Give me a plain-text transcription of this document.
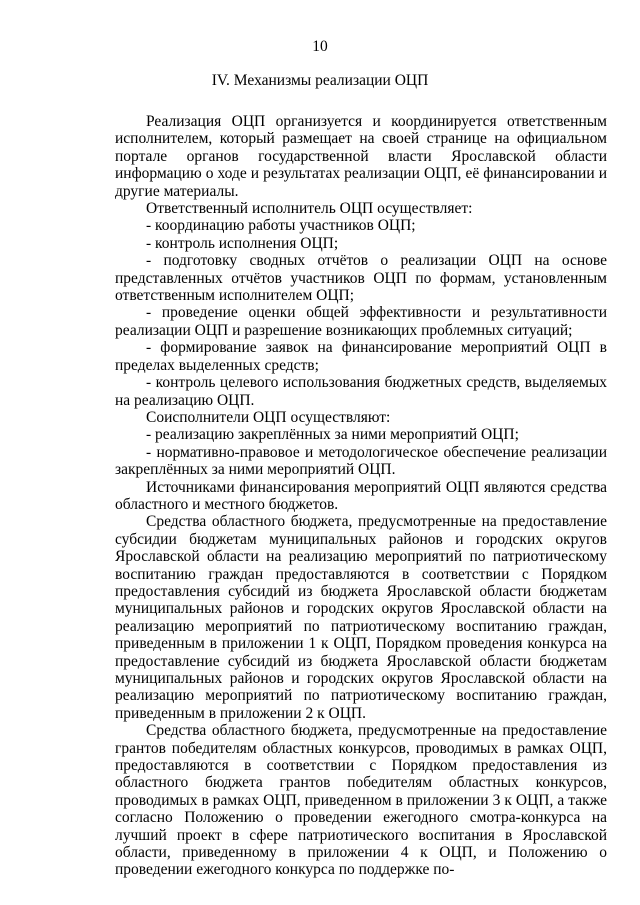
10
IV. Механизмы реализации ОЦП

Реализация ОЦП организуется и координируется ответственным исполнителем, который размещает на своей странице на официальном портале органов государственной власти Ярославской области информацию о ходе и результатах реализации ОЦП, её финансировании и другие материалы.

Ответственный исполнитель ОЦП осуществляет:

- координацию работы участников ОЦП;

- контроль исполнения ОЦП;

- подготовку сводных отчётов о реализации ОЦП на основе представленных отчётов участников ОЦП по формам, установленным ответственным исполнителем ОЦП;

- проведение оценки общей эффективности и результативности реализации ОЦП и разрешение возникающих проблемных ситуаций;

- формирование заявок на финансирование мероприятий ОЦП в пределах выделенных средств;

- контроль целевого использования бюджетных средств, выделяемых на реализацию ОЦП.

Соисполнители ОЦП осуществляют:

- реализацию закреплённых за ними мероприятий ОЦП;

- нормативно-правовое и методологическое обеспечение реализации закреплённых за ними мероприятий ОЦП.

Источниками финансирования мероприятий ОЦП являются средства областного и местного бюджетов.

Средства областного бюджета, предусмотренные на предоставление субсидии бюджетам муниципальных районов и городских округов Ярославской области на реализацию мероприятий по патриотическому воспитанию граждан предоставляются в соответствии с Порядком предоставления субсидий из бюджета Ярославской области бюджетам муниципальных районов и городских округов Ярославской области на реализацию мероприятий по патриотическому воспитанию граждан, приведенным в приложении 1 к ОЦП, Порядком проведения конкурса на предоставление субсидий из бюджета Ярославской области бюджетам муниципальных районов и городских округов Ярославской области на реализацию мероприятий по патриотическому воспитанию граждан, приведенным в приложении 2 к ОЦП.

Средства областного бюджета, предусмотренные на предоставление грантов победителям областных конкурсов, проводимых в рамках ОЦП, предоставляются в соответствии с Порядком предоставления из областного бюджета грантов победителям областных конкурсов, проводимых в рамках ОЦП, приведенном в приложении 3 к ОЦП, а также согласно Положению о проведении ежегодного смотра-конкурса на лучший проект в сфере патриотического воспитания в Ярославской области, приведенному в приложении 4 к ОЦП, и Положению о проведении ежегодного конкурса по поддержке по-
